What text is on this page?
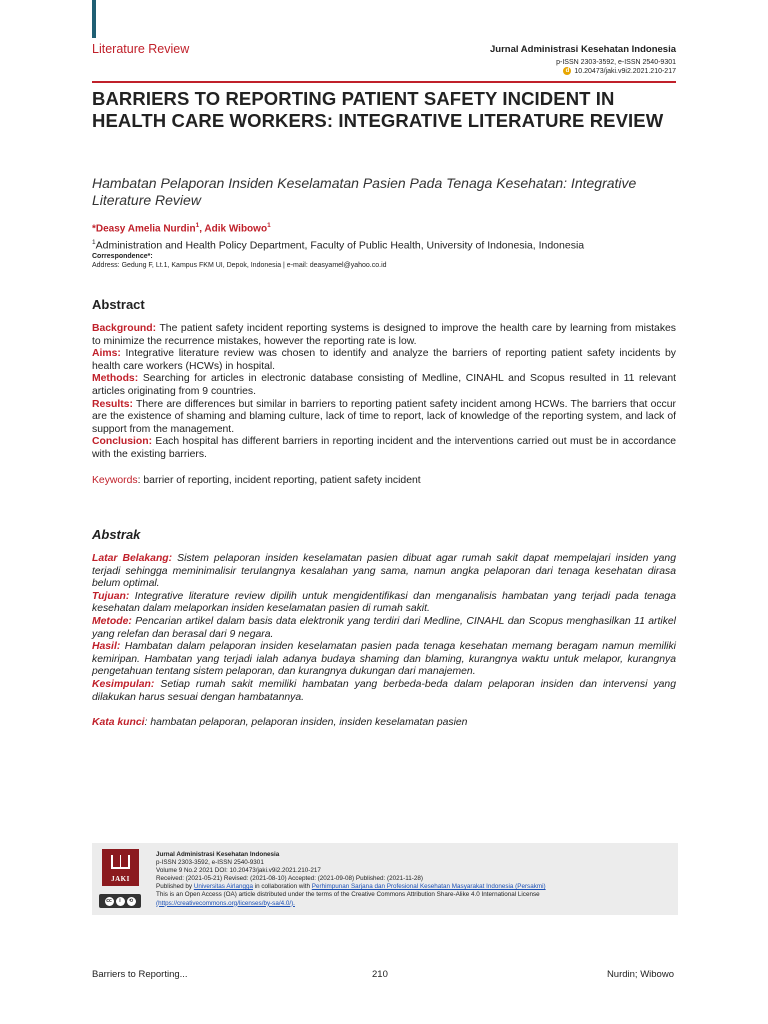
Literature Review	Jurnal Administrasi Kesehatan Indonesia
p-ISSN 2303-3592, e-ISSN 2540-9301
d 10.20473/jaki.v9i2.2021.210-217
BARRIERS TO REPORTING PATIENT SAFETY INCIDENT IN HEALTH CARE WORKERS: INTEGRATIVE LITERATURE REVIEW
Hambatan Pelaporan Insiden Keselamatan Pasien Pada Tenaga Kesehatan: Integrative Literature Review
*Deasy Amelia Nurdin$^1$, Adik Wibowo$^1$
$^1$Administration and Health Policy Department, Faculty of Public Health, University of Indonesia, Indonesia
Correspondence*:
Address: Gedung F, Lt.1, Kampus FKM UI, Depok, Indonesia | e-mail: deasyamel@yahoo.co.id
Abstract

Background: The patient safety incident reporting systems is designed to improve the health care by learning from mistakes to minimize the recurrence mistakes, however the reporting rate is low.

Aims: Integrative literature review was chosen to identify and analyze the barriers of reporting patient safety incidents by health care workers (HCWs) in hospital.

Methods: Searching for articles in electronic database consisting of Medline, CINAHL and Scopus resulted in 11 relevant articles originating from 9 countries.

Results: There are differences but similar in barriers to reporting patient safety incident among HCWs. The barriers that occur are the existence of shaming and blaming culture, lack of time to report, lack of knowledge of the reporting system, and lack of support from the management.

Conclusion: Each hospital has different barriers in reporting incident and the interventions carried out must be in accordance with the existing barriers.

Keywords: barrier of reporting, incident reporting, patient safety incident
Abstrak

Latar Belakang: Sistem pelaporan insiden keselamatan pasien dibuat agar rumah sakit dapat mempelajari insiden yang terjadi sehingga meminimalisir terulangnya kesalahan yang sama, namun angka pelaporan dari tenaga kesehatan dirasa belum optimal.

Tujuan: Integrative literature review dipilih untuk mengidentifikasi dan menganalisis hambatan yang terjadi pada tenaga kesehatan dalam melaporkan insiden keselamatan pasien di rumah sakit.

Metode: Pencarian artikel dalam basis data elektronik yang terdiri dari Medline, CINAHL dan Scopus menghasilkan 11 artikel yang relefan dan berasal dari 9 negara.

Hasil: Hambatan dalam pelaporan insiden keselamatan pasien pada tenaga kesehatan memang beragam namun memiliki kemiripan. Hambatan yang terjadi ialah adanya budaya shaming dan blaming, kurangnya waktu untuk melapor, kurangnya pengetahuan tentang sistem pelaporan, dan kurangnya dukungan dari manajemen.

Kesimpulan: Setiap rumah sakit memiliki hambatan yang berbeda-beda dalam pelaporan insiden dan intervensi yang dilakukan harus sesuai dengan hambatannya.

Kata kunci: hambatan pelaporan, pelaporan insiden, insiden keselamatan pasien
JAKI
cc	i	⟲
Jurnal Administrasi Kesehatan Indonesia
p-ISSN 2303-3592, e-ISSN 2540-9301
Volume 9 No.2 2021 DOI: 10.20473/jaki.v9i2.2021.210-217
Received: (2021-05-21) Revised: (2021-08-10) Accepted: (2021-09-08) Published: (2021-11-28)
Published by Universitas Airlangga in collaboration with Perhimpunan Sarjana dan Profesional Kesehatan Masyarakat Indonesia (Persakmi)
This is an Open Access (OA) article distributed under the terms of the Creative Commons Attribution Share-Alike 4.0 International License
(https://creativecommons.org/licenses/by-sa/4.0/).
Barriers to Reporting...	210	Nurdin; Wibowo
